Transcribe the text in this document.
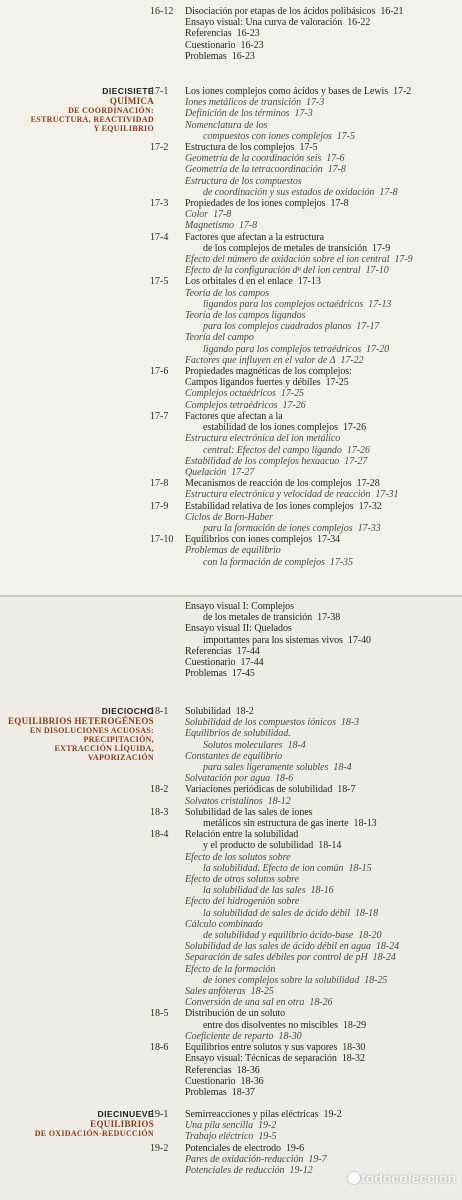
16-12	Disociación por etapas de los ácidos polibásicos 16-21
Ensayo visual: Una curva de valoración 16-22
Referencias 16-23
Cuestionario 16-23
Problemas 16-23
DIECISIETE
QUÍMICA
DE COORDINACIÓN:
ESTRUCTURA, REACTIVIDAD
Y EQUILIBRIO
17-1	Los iones complejos como ácidos y bases de Lewis 17-2
Iones metálicos de transición 17-3
Definición de los términos 17-3
Nomenclatura de los
compuestos con iones complejos 17-5
17-2	Estructura de los complejos 17-5
Geometría de la coordinación seis 17-6
Geometría de la tetracoordinación 17-8
Estructura de los compuestos
de coordinación y sus estados de oxidación 17-8
17-3	Propiedades de los iones complejos 17-8
Color 17-8
Magnetismo 17-8
17-4	Factores que afectan a la estructura
de los complejos de metales de transición 17-9
Efecto del número de oxidación sobre el ion central 17-9
Efecto de la configuración dⁿ del ion central 17-10
17-5	Los orbitales d en el enlace 17-13
Teoría de los campos
ligandos para los complejos octaédricos 17-13
Teoría de los campos ligandos
para los complejos cuadrados planos 17-17
Teoría del campo
ligando para los complejos tetraédricos 17-20
Factores que influyen en el valor de Δ 17-22
17-6	Propiedades magnéticas de los complejos:
Campos ligandos fuertes y débiles 17-25
Complejos octaédricos 17-25
Complejos tetraédricos 17-26
17-7	Factores que afectan a la
estabilidad de los iones complejos 17-26
Estructura electrónica del ion metálico
central: Efectos del campo ligando 17-26
Estabilidad de los complejos hexaacuo 17-27
Quelación 17-27
17-8	Mecanismos de reacción de los complejos 17-28
Estructura electrónica y velocidad de reacción 17-31
17-9	Estabilidad relativa de los iones complejos 17-32
Ciclos de Born-Haber
para la formación de iones complejos 17-33
17-10	Equilibrios con iones complejos 17-34
Problemas de equilibrio
con la formación de complejos 17-35
Ensayo visual I: Complejos
de los metales de transición 17-38
Ensayo visual II: Quelados
importantes para los sistemas vivos 17-40
Referencias 17-44
Cuestionario 17-44
Problemas 17-45
DIECIOCHO
EQUILIBRIOS HETEROGÉNEOS
EN DISOLUCIONES ACUOSAS:
PRECIPITACIÓN,
EXTRACCIÓN LÍQUIDA,
VAPORIZACIÓN
18-1	Solubilidad 18-2
Solubilidad de los compuestos iónicos 18-3
Equilibrios de solubilidad.
Solutos moleculares 18-4
Constantes de equilibrio
para sales ligeramente solubles 18-4
Solvatación por agua 18-6
18-2	Variaciones periódicas de solubilidad 18-7
Solvatos cristalinos 18-12
18-3	Solubilidad de las sales de iones
metálicos sin estructura de gas inerte 18-13
18-4	Relación entre la solubilidad
y el producto de solubilidad 18-14
Efecto de los solutos sobre
la solubilidad. Efecto de ion común 18-15
Efecto de otros solutos sobre
la solubilidad de las sales 18-16
Efecto del hidrogenión sobre
la solubilidad de sales de ácido débil 18-18
Cálculo combinado
de solubilidad y equilibrio ácido-base 18-20
Solubilidad de las sales de ácido débil en agua 18-24
Separación de sales débiles por control de pH 18-24
Efecto de la formación
de iones complejos sobre la solubilidad 18-25
Sales anfóteras 18-25
Conversión de una sal en otra 18-26
18-5	Distribución de un soluto
entre dos disolventes no miscibles 18-29
Coeficiente de reparto 18-30
18-6	Equilibrios entre solutos y sus vapores 18-30
Ensayo visual: Técnicas de separación 18-32
Referencias 18-36
Cuestionario 18-36
Problemas 18-37
DIECINUEVE
EQUILIBRIOS
DE OXIDACIÓN-REDUCCIÓN
19-1	Semirreacciones y pilas eléctricas 19-2
Una pila sencilla 19-2
Trabajo eléctrico 19-5
19-2	Potenciales de electrodo 19-6
Pares de oxidación-reducción 19-7
Potenciales de reducción 19-12	todocoleccion
